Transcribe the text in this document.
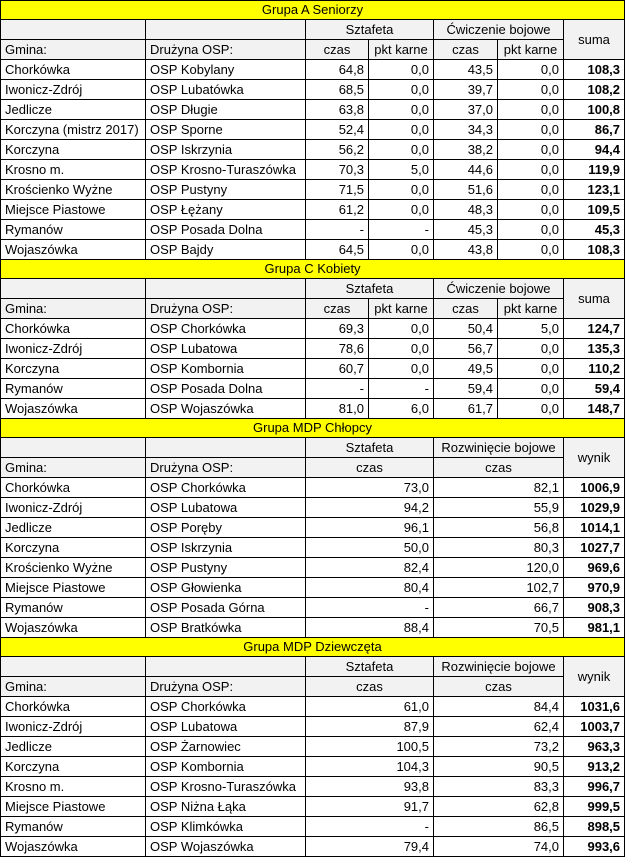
Grupa A Seniorzy						
		Sztafeta		Ćwiczenie bojowe		suma
Gmina:	Drużyna OSP:	czas	pkt karne	czas	pkt karne	
Chorkówka	OSP Kobylany	64,8	0,0	43,5	0,0	108,3
Iwonicz-Zdrój	OSP Lubatówka	68,5	0,0	39,7	0,0	108,2
Jedlicze	OSP Długie	63,8	0,0	37,0	0,0	100,8
Korczyna (mistrz 2017)	OSP Sporne	52,4	0,0	34,3	0,0	86,7
Korczyna	OSP Iskrzynia	56,2	0,0	38,2	0,0	94,4
Krosno m.	OSP Krosno-Turaszówka	70,3	5,0	44,6	0,0	119,9
Krościenko Wyżne	OSP Pustyny	71,5	0,0	51,6	0,0	123,1
Miejsce Piastowe	OSP Łężany	61,2	0,0	48,3	0,0	109,5
Rymanów	OSP Posada Dolna	-	-	45,3	0,0	45,3
Wojaszówka	OSP Bajdy	64,5	0,0	43,8	0,0	108,3
Grupa C Kobiety						
		Sztafeta		Ćwiczenie bojowe		suma
Gmina:	Drużyna OSP:	czas	pkt karne	czas	pkt karne	
Chorkówka	OSP Chorkówka	69,3	0,0	50,4	5,0	124,7
Iwonicz-Zdrój	OSP Lubatowa	78,6	0,0	56,7	0,0	135,3
Korczyna	OSP Kombornia	60,7	0,0	49,5	0,0	110,2
Rymanów	OSP Posada Dolna	-	-	59,4	0,0	59,4
Wojaszówka	OSP Wojaszówka	81,0	6,0	61,7	0,0	148,7
Grupa MDP Chłopcy						
		Sztafeta		Rozwinięcie bojowe		wynik
Gmina:	Drużyna OSP:	czas		czas		
Chorkówka	OSP Chorkówka	73,0		82,1		1006,9
Iwonicz-Zdrój	OSP Lubatowa	94,2		55,9		1029,9
Jedlicze	OSP Poręby	96,1		56,8		1014,1
Korczyna	OSP Iskrzynia	50,0		80,3		1027,7
Krościenko Wyżne	OSP Pustyny	82,4		120,0		969,6
Miejsce Piastowe	OSP Głowienka	80,4		102,7		970,9
Rymanów	OSP Posada Górna	-		66,7		908,3
Wojaszówka	OSP Bratkówka	88,4		70,5		981,1
Grupa MDP Dziewczęta						
		Sztafeta		Rozwinięcie bojowe		wynik
Gmina:	Drużyna OSP:	czas		czas		
Chorkówka	OSP Chorkówka	61,0		84,4		1031,6
Iwonicz-Zdrój	OSP Lubatowa	87,9		62,4		1003,7
Jedlicze	OSP Żarnowiec	100,5		73,2		963,3
Korczyna	OSP Kombornia	104,3		90,5		913,2
Krosno m.	OSP Krosno-Turaszówka	93,8		83,3		996,7
Miejsce Piastowe	OSP Niżna Łąka	91,7		62,8		999,5
Rymanów	OSP Klimkówka	-		86,5		898,5
Wojaszówka	OSP Wojaszówka	79,4		74,0		993,6
